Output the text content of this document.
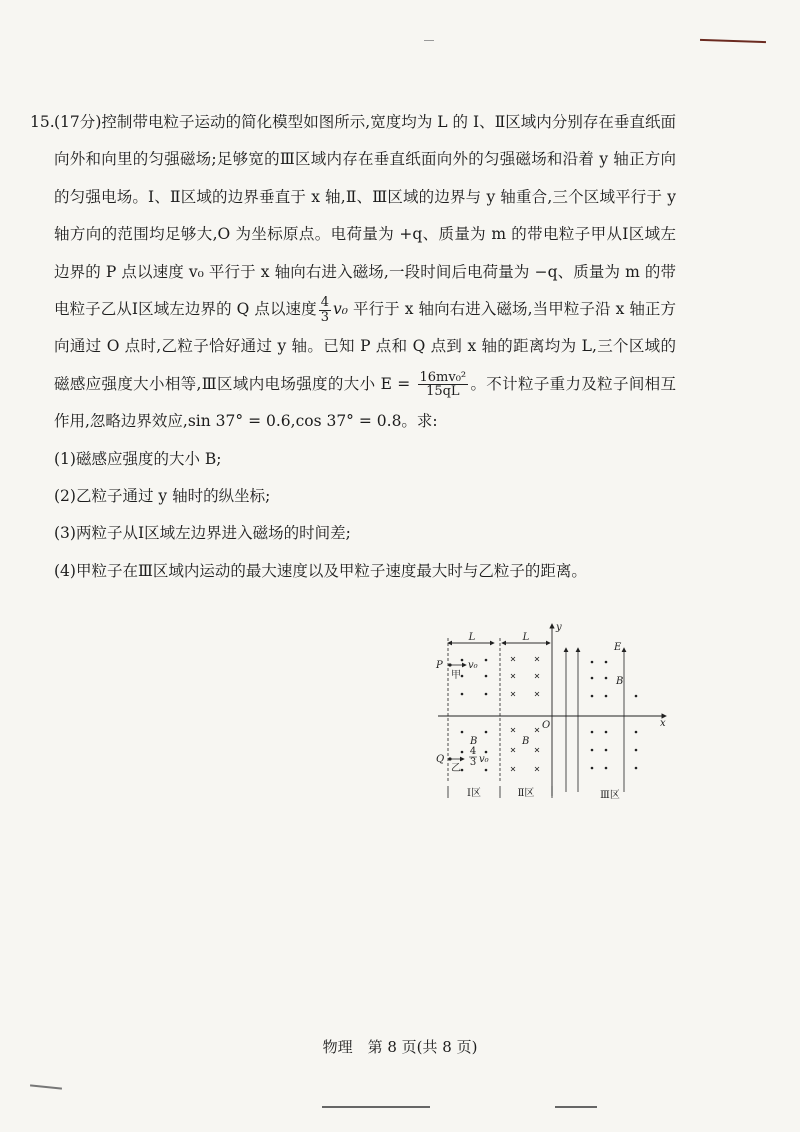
15.(17分)控制带电粒子运动的简化模型如图所示,宽度均为 L 的 Ⅰ、Ⅱ区域内分别存在垂直纸面向外和向里的匀强磁场;足够宽的Ⅲ区域内存在垂直纸面向外的匀强磁场和沿着 y 轴正方向的匀强电场。Ⅰ、Ⅱ区域的边界垂直于 x 轴,Ⅱ、Ⅲ区域的边界与 y 轴重合,三个区域平行于 y 轴方向的范围均足够大,O 为坐标原点。电荷量为 +q、质量为 m 的带电粒子甲从Ⅰ区域左边界的 P 点以速度 v₀ 平行于 x 轴向右进入磁场,一段时间后电荷量为 −q、质量为 m 的带电粒子乙从Ⅰ区域左边界的 Q 点以速度 $\frac{4}{3} v_0$ 平行于 x 轴向右进入磁场,当甲粒子沿 x 轴正方向通过 O 点时,乙粒子恰好通过 y 轴。已知 P 点和 Q 点到 x 轴的距离均为 L,三个区域的磁感应强度大小相等,Ⅲ区域内电场强度的大小 $E = \frac{\text{16mv₀²}}{15qL}$ 。不计粒子重力及粒子间相互作用,忽略边界效应,sin 37° = 0.6,cos 37° = 0.8。求:

(1)磁感应强度的大小 B;

(2)乙粒子通过 y 轴时的纵坐标;

(3)两粒子从Ⅰ区域左边界进入磁场的时间差;

(4)甲粒子在Ⅲ区域内运动的最大速度以及甲粒子速度最大时与乙粒子的距离。

L	L
y
x
O
E
B
P	v₀
甲
Q
4
3 v₀
乙
B	B
Ⅰ区	Ⅱ区	Ⅲ区
物理　第 8 页(共 8 页)
